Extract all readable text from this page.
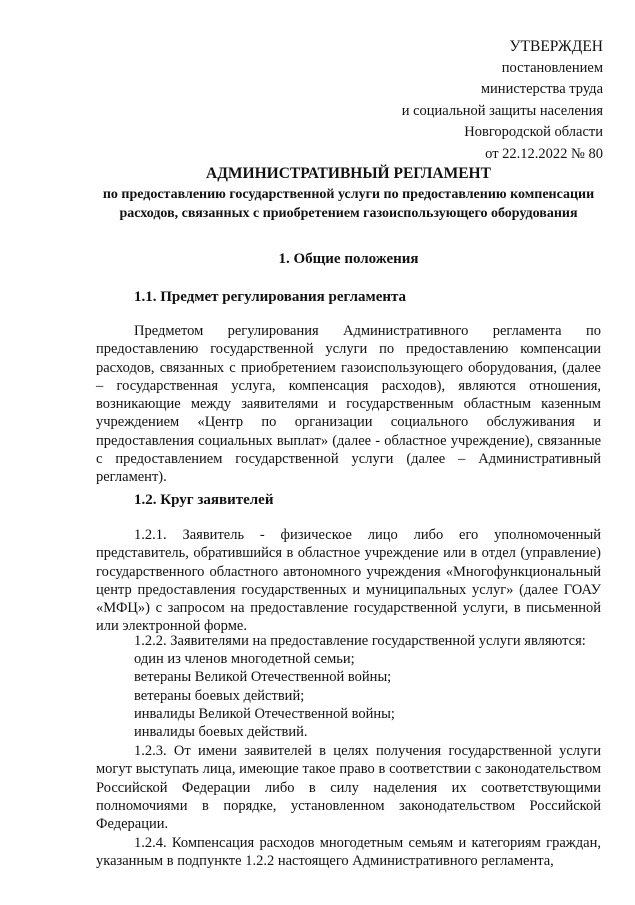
УТВЕРЖДЕН
постановлением
министерства труда
и социальной защиты населения
Новгородской области
от 22.12.2022 № 80
АДМИНИСТРАТИВНЫЙ РЕГЛАМЕНТ
по предоставлению государственной услуги по предоставлению компенсации расходов, связанных с приобретением газоиспользующего оборудования
1. Общие положения
1.1. Предмет регулирования регламента

Предметом регулирования Административного регламента по предоставлению государственной услуги по предоставлению компенсации расходов, связанных с приобретением газоиспользующего оборудования, (далее – государственная услуга, компенсация расходов), являются отношения, возникающие между заявителями и государственным областным казенным учреждением «Центр по организации социального обслуживания и предоставления социальных выплат» (далее - областное учреждение), связанные с предоставлением государственной услуги (далее – Административный регламент).

1.2. Круг заявителей

1.2.1. Заявитель - физическое лицо либо его уполномоченный представитель, обратившийся в областное учреждение или в отдел (управление) государственного областного автономного учреждения «Многофункциональный центр предоставления государственных и муниципальных услуг» (далее ГОАУ «МФЦ») с запросом на предоставление государственной услуги, в письменной или электронной форме.

1.2.2. Заявителями на предоставление государственной услуги являются:

один из членов многодетной семьи;

ветераны Великой Отечественной войны;

ветераны боевых действий;

инвалиды Великой Отечественной войны;

инвалиды боевых действий.

1.2.3. От имени заявителей в целях получения государственной услуги могут выступать лица, имеющие такое право в соответствии с законодательством Российской Федерации либо в силу наделения их соответствующими полномочиями в порядке, установленном законодательством Российской Федерации.

1.2.4. Компенсация расходов многодетным семьям и категориям граждан, указанным в подпункте 1.2.2 настоящего Административного регламента,
